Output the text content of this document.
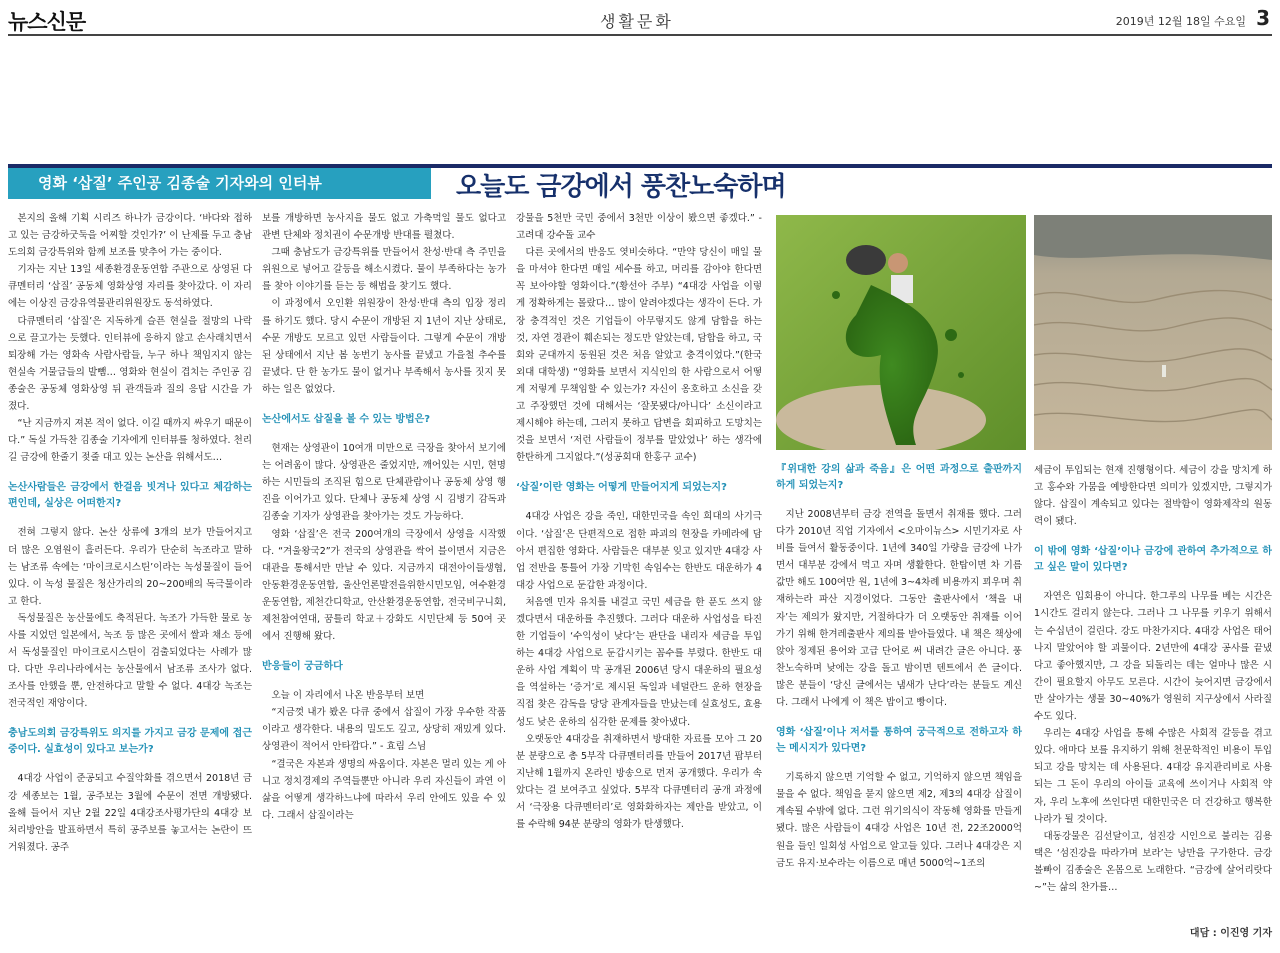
뉴스신문	생활문화	2019년 12월 18일 수요일 3
영화 ‘삽질’ 주인공 김종술 기자와의 인터뷰	오늘도 금강에서 풍찬노숙하며

본지의 올해 기획 시리즈 하나가 금강이다. ‘바다와 접하고 있는 금강하굿둑을 어찌할 것인가?’ 이 난제를 두고 충남도의회 금강특위와 함께 보조를 맞추어 가는 중이다.

기자는 지난 13일 세종환경운동연합 주관으로 상영된 다큐멘터리 ‘삽질’ 공동체 영화상영 자리를 찾아갔다. 이 자리에는 이상진 금강유역물관리위원장도 동석하였다.

다큐멘터리 ‘삽질’은 지독하게 슬픈 현실을 절망의 나락으로 끌고가는 듯했다. 인터뷰에 응하지 않고 손사래치면서 퇴장해 가는 영화속 사람사람들, 누구 하나 책임지지 않는 현실속 거물급들의 발뺌… 영화와 현실이 겹치는 주인공 김종술은 공동체 영화상영 뒤 관객들과 질의 응답 시간을 가졌다.

“난 지금까지 져본 적이 없다. 이길 때까지 싸우기 때문이다.” 독실 가득찬 김종술 기자에게 인터뷰를 청하였다. 천리길 금강에 한줄기 젖줄 대고 있는 논산을 위해서도…

논산사람들은 금강에서 한걸음 빗겨나 있다고 체감하는 편인데, 실상은 어떠한지?

전혀 그렇지 않다. 논산 상류에 3개의 보가 만들어지고 더 많은 오염원이 흘러든다. 우리가 단순히 녹조라고 말하는 남조류 속에는 ‘마이크로시스틴’이라는 녹성물질이 들어 있다. 이 녹성 물질은 청산가리의 20~200배의 독극물이라고 한다.

독성물질은 농산물에도 축적된다. 녹조가 가득한 물로 농사를 지었던 일본에서, 녹조 등 많은 곳에서 쌀과 채소 등에서 독성물질인 마이크로시스틴이 검출되었다는 사례가 많다. 다만 우리나라에서는 농산물에서 남조류 조사가 없다. 조사를 안했을 뿐, 안전하다고 말할 수 없다. 4대강 녹조는 전국적인 재앙이다.

충남도의회 금강특위도 의지를 가지고 금강 문제에 접근중이다. 실효성이 있다고 보는가?

4대강 사업이 준공되고 수질악화를 겪으면서 2018년 금강 세종보는 1월, 공주보는 3월에 수문이 전면 개방됐다. 올해 들어서 지난 2월 22일 4대강조사평가단의 4대강 보 처리방안을 발표하면서 특히 공주보를 놓고서는 논란이 뜨거워졌다. 공주

보를 개방하면 농사지을 물도 없고 가축먹일 물도 없다고 관변 단체와 정치권이 수문개방 반대를 펼쳤다.

그때 충남도가 금강특위를 만들어서 찬성·반대 측 주민을 위원으로 넣어고 갈등을 해소시켰다. 물이 부족하다는 농가를 찾아 이야기를 듣는 등 해법을 찾기도 했다.

이 과정에서 오인환 위원장이 찬성·반대 측의 입장 정리를 하기도 했다. 당시 수문이 개방된 지 1년이 지난 상태로, 수문 개방도 모르고 있던 사람들이다. 그렇게 수문이 개방된 상태에서 지난 봄 농번기 농사를 끝냈고 가을철 추수를 끝냈다. 단 한 농가도 물이 없거나 부족해서 농사를 짓지 못하는 일은 없었다.

논산에서도 삽질을 볼 수 있는 방법은?

현재는 상영관이 10여개 미만으로 극장을 찾아서 보기에는 어려움이 많다. 상영관은 줄었지만, 깨어있는 시민, 현명하는 시민들의 조직된 힘으로 단체관람이나 공동체 상영 행진을 이어가고 있다. 단체나 공동체 상영 시 김병기 감독과 김종술 기자가 상영관을 찾아가는 것도 가능하다.

영화 ‘삽질’은 전국 200여개의 극장에서 상영을 시작했다. “겨울왕국2”가 전국의 상영관을 싹어 블이면서 지금은 대관을 통해서만 만날 수 있다. 지금까지 대전아이들생협, 안동환경운동연합, 울산언론발전을위한시민모임, 여수환경운동연합, 제천간디학교, 안산환경운동연합, 전국비구니회, 제천참여연대, 꿈틀리 학교＋강화도 시민단체 등 50여 곳에서 진행해 왔다.

반응들이 궁금하다

오늘 이 자리에서 나온 반응부터 보면

“지금껏 내가 봤온 다큐 중에서 삽질이 가장 우수한 작품이라고 생각한다. 내용의 밀도도 깊고, 상당히 재밌게 있다. 상영관이 적어서 안타깝다.” - 효림 스님

“결국은 자본과 생명의 싸움이다. 자본은 멀리 있는 게 아니고 정치경제의 주역들뿐만 아니라 우리 자신들이 과연 이 삶을 어떻게 생각하느냐에 따라서 우리 안에도 있을 수 있다. 그래서 삽질이라는

강물을 5천만 국민 중에서 3천만 이상이 봤으면 좋겠다.” - 고려대 강수돌 교수

다른 곳에서의 반응도 엿비슷하다. “만약 당신이 매일 물을 마셔야 한다면 매일 세수를 하고, 머리를 감아야 한다면 꼭 보아야할 영화이다.”(황선아 주부) “4대강 사업을 이렇게 정확하게는 몰랐다… 많이 알려야겠다는 생각이 든다. 가장 충격적인 것은 기업들이 아무렇지도 않게 담합을 하는 것, 자연 경관이 훼손되는 정도만 알았는데, 담합을 하고, 국회와 군대까지 동원된 것은 처음 알았고 충격이었다.”(한국외대 대학생) “영화를 보면서 지식인의 한 사람으로서 어떻게 저렇게 무책임할 수 있는가? 자신이 옹호하고 소신을 갖고 주장했던 것에 대해서는 ‘잘못됐다/아니다’ 소신이라고 제시해야 하는데, 그러지 못하고 답변을 회피하고 도망치는 것을 보면서 ‘저런 사람들이 정부를 맡았었나’ 하는 생각에 한탄하게 그지없다.”(성공회대 한홍구 교수)

‘삽질’이란 영화는 어떻게 만들어지게 되었는지?

4대강 사업은 강을 죽인, 대한민국을 속인 희대의 사기극이다. ‘삽질’은 단편적으로 접한 파괴의 현장을 카메라에 담아서 편집한 영화다. 사람들은 대부분 잊고 있지만 4대강 사업 전반을 통틀어 가장 기막힌 속임수는 한반도 대운하가 4대강 사업으로 둔갑한 과정이다.

처음엔 민자 유치를 내걸고 국민 세금을 한 푼도 쓰지 않겠다면서 대운하를 추진했다. 그러다 대운하 사업성을 타진한 기업들이 ‘수익성이 낮다’는 판단을 내리자 세금을 투입하는 4대강 사업으로 둔갑시키는 꼼수를 부렸다. 한반도 대운하 사업 계획이 막 공개된 2006년 당시 대운하의 필요성을 역설하는 ‘증거’로 제시된 독일과 네덜란드 운하 현장을 직접 찾은 감독을 당당 관계자들을 만났는데 실효성도, 효용성도 낮은 운하의 심각한 문제를 찾아냈다.

오랫동안 4대강을 취재하면서 방대한 자료를 모아 그 20분 분량으로 총 5부작 다큐멘터리를 만들어 2017년 팝부터 지난해 1월까지 온라인 방송으로 먼저 공개했다. 우리가 속았다는 걸 보여주고 싶었다. 5부작 다큐멘터리 공개 과정에서 ‘극장용 다큐멘터리’로 영화화하자는 제안을 받았고, 이를 수락해 94분 분량의 영화가 탄생했다.

『위대한 강의 삶과 죽음』은 어떤 과정으로 출판까지 하게 되었는지?

지난 2008년부터 금강 전역을 돌면서 취재를 했다. 그러다가 2010년 직업 기자에서 <오마이뉴스> 시민기자로 사비를 들여서 활동중이다. 1년에 340일 가량을 금강에 나가면서 대부분 강에서 먹고 자며 생활한다. 한탑이면 차 기름값만 해도 100여만 원, 1년에 3~4차례 비용까지 꾀우며 취재하는라 파산 지경이었다. 그동안 출판사에서 ‘책을 내자’는 제의가 왔지만, 거절하다가 더 오랫동안 취재를 이어가기 위해 한겨레출판사 제의를 받아들였다. 내 책은 책상에 앉아 정제된 용어와 고급 단어로 써 내려간 글은 아니다. 풍찬노숙하며 낮에는 강을 돌고 밤이면 텐트에서 쓴 글이다. 많은 분들이 ‘당신 글에서는 냄새가 난다’라는 분들도 계신다. 그래서 나에게 이 책은 밥이고 빵이다.

영화 ‘삽질’이나 저서를 통하여 궁극적으로 전하고자 하는 메시지가 있다면?

기록하지 않으면 기억할 수 없고, 기억하지 않으면 책임을 물을 수 없다. 책임을 묻지 않으면 제2, 제3의 4대강 삽질이 계속될 수밖에 없다. 그런 위기의식이 작동해 영화를 만들게 됐다. 많은 사람들이 4대강 사업은 10년 전, 22조2000억원을 들인 일회성 사업으로 알고들 있다. 그러나 4대강은 지금도 유지·보수라는 이름으로 매년 5000억~1조의

세금이 투입되는 현재 진행형이다. 세금이 강을 망치게 하고 홍수와 가뭄을 예방한다면 의미가 있겠지만, 그렇지가 않다. 삽질이 계속되고 있다는 절박함이 영화제작의 원동력이 됐다.

이 밖에 영화 ‘삽질’이나 금강에 관하여 추가적으로 하고 싶은 말이 있다면?

자연은 입회용이 아니다. 한그루의 나무를 베는 시간은 1시간도 걸리지 않는다. 그러나 그 나무를 키우기 위해서는 수십년이 걸린다. 강도 마찬가지다. 4대강 사업은 태어나지 말았어야 할 괴물이다. 2년만에 4대강 공사를 끝냈다고 좋아했지만, 그 강을 되돌리는 데는 얼마나 많은 시간이 필요할지 아무도 모른다. 시간이 늦어지면 금강에서만 살아가는 생물 30~40%가 영원히 지구상에서 사라질 수도 있다.

우리는 4대강 사업을 통해 수많은 사회적 갈등을 겪고 있다. 애마다 보를 유지하기 위해 천문학적인 비용이 투입되고 강을 망치는 데 사용된다. 4대강 유지관리비로 사용되는 그 돈이 우리의 아이들 교육에 쓰이거나 사회적 약자, 우리 노후에 쓰인다면 대한민국은 더 건강하고 행복한나라가 될 것이다.

대동강물은 김선달이고, 섬진강 시인으로 불리는 김용택은 ‘섬진강을 따라가며 보라’는 낭만을 구가한다. 금강볼빠이 김종술은 온몸으로 노래한다. “금강에 살어리랏다~”는 삶의 찬가를…

대담 : 이진영 기자
